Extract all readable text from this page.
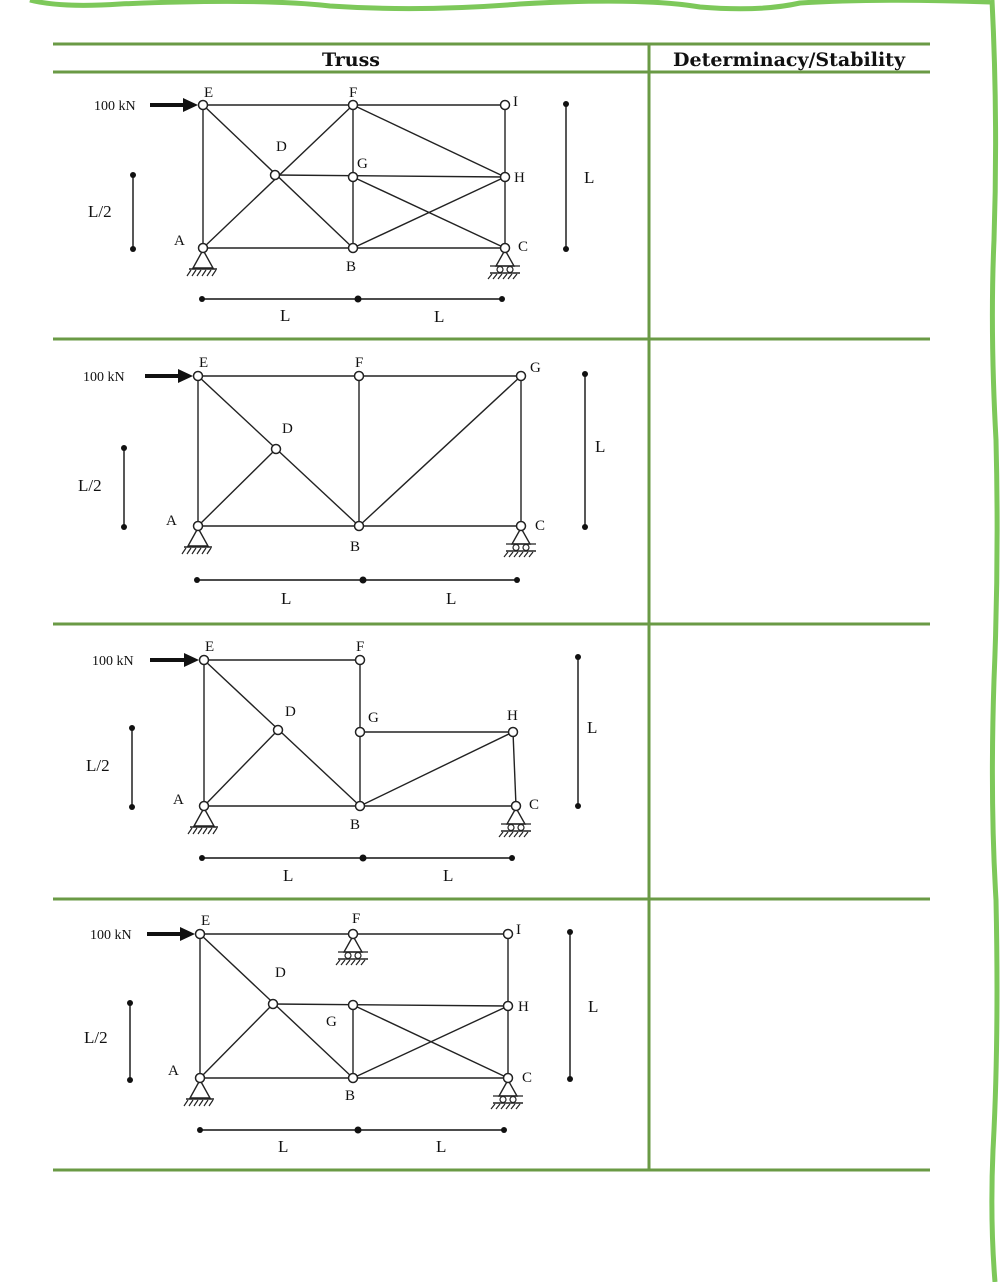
Truss	Determinacy/Stability
100 kN
E	F
I
D
G
H
A
B
C
L/2
L
L	L
100 kN
E	F	G
D
A
B
C
L/2
L
L	L
100 kN
E	F
D	G	H
A
B
C
L/2
L
L	L
100 kN
E	F
I
D
G
H
A
B
C
L/2
L
L	L
